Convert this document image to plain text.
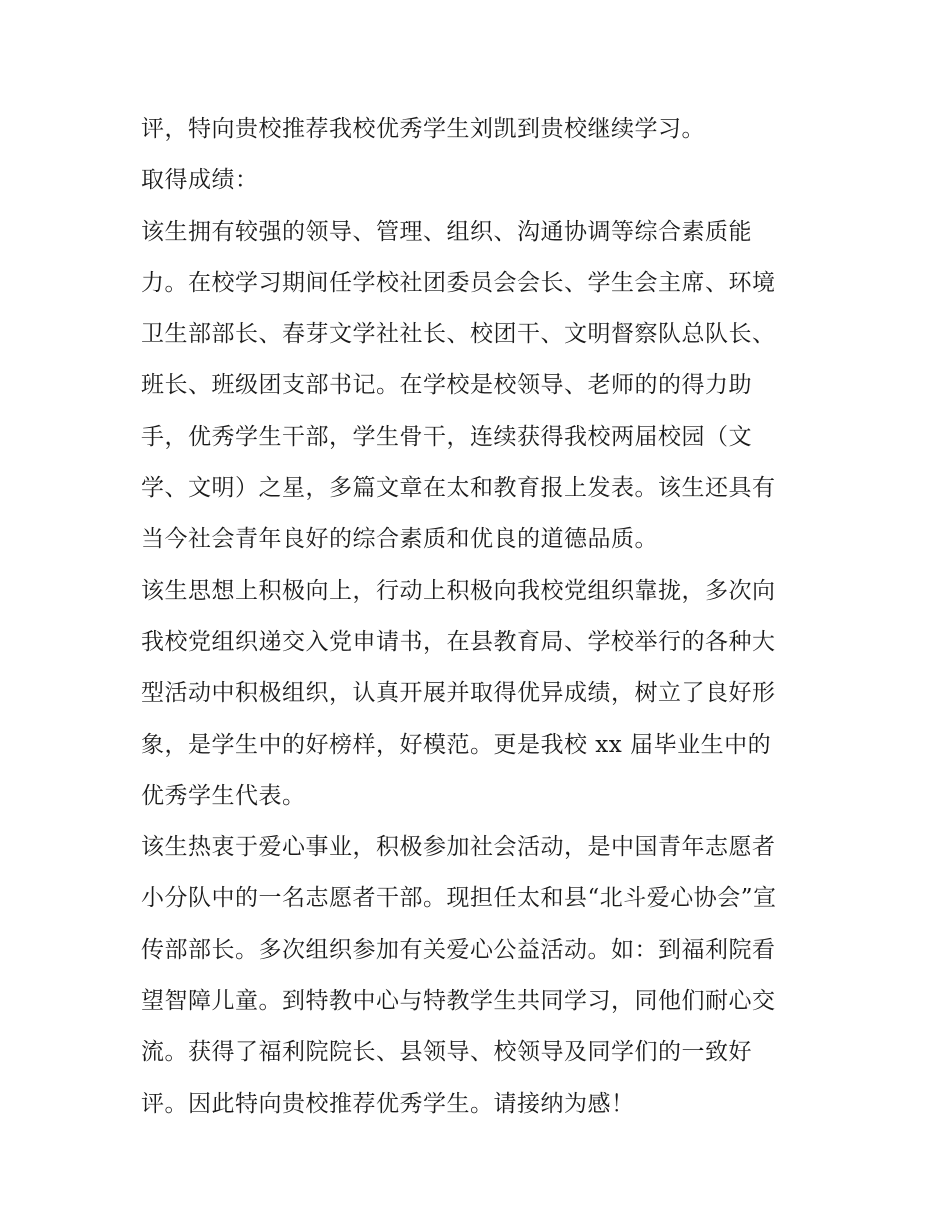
评，特向贵校推荐我校优秀学生刘凯到贵校继续学习。
取得成绩：
该生拥有较强的领导、管理、组织、沟通协调等综合素质能
力。在校学习期间任学校社团委员会会长、学生会主席、环境
卫生部部长、春芽文学社社长、校团干、文明督察队总队长、
班长、班级团支部书记。在学校是校领导、老师的的得力助
手，优秀学生干部，学生骨干，连续获得我校两届校园（文
学、文明）之星，多篇文章在太和教育报上发表。该生还具有
当今社会青年良好的综合素质和优良的道德品质。
该生思想上积极向上，行动上积极向我校党组织靠拢，多次向
我校党组织递交入党申请书，在县教育局、学校举行的各种大
型活动中积极组织，认真开展并取得优异成绩，树立了良好形
象，是学生中的好榜样，好模范。更是我校 xx 届毕业生中的
优秀学生代表。
该生热衷于爱心事业，积极参加社会活动，是中国青年志愿者
小分队中的一名志愿者干部。现担任太和县“北斗爱心协会”宣
传部部长。多次组织参加有关爱心公益活动。如：到福利院看
望智障儿童。到特教中心与特教学生共同学习，同他们耐心交
流。获得了福利院院长、县领导、校领导及同学们的一致好
评。因此特向贵校推荐优秀学生。请接纳为感！
